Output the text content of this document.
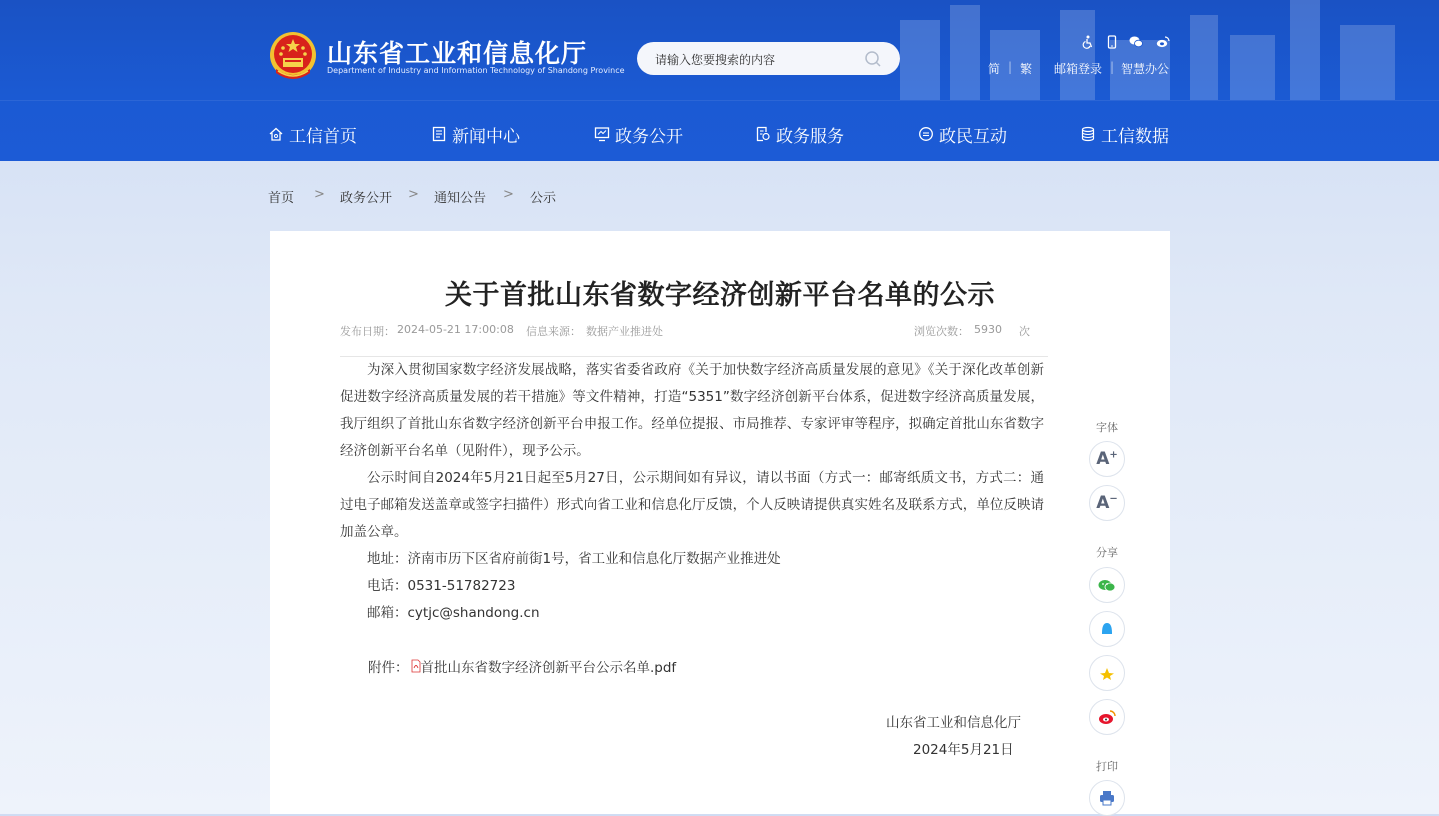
山东省工业和信息化厅
Department of Industry and Information Technology of Shandong Province
请输入您要搜索的内容	简 | 繁 邮箱登录 | 智慧办公
工信首页	新闻中心	政务公开	政务服务	政民互动	工信数据
首页 > 政务公开 > 通知公告 > 公示
关于首批山东省数字经济创新平台名单的公示
发布日期： 2024-05-21 17:00:08 信息来源： 数据产业推进处	浏览次数： 5930 次

为深入贯彻国家数字经济发展战略，落实省委省政府《关于加快数字经济高质量发展的意见》《关于深化改革创新促进数字经济高质量发展的若干措施》等文件精神，打造“5351”数字经济创新平台体系，促进数字经济高质量发展，我厅组织了首批山东省数字经济创新平台申报工作。经单位提报、市局推荐、专家评审等程序，拟确定首批山东省数字经济创新平台名单（见附件），现予公示。

公示时间自2024年5月21日起至5月27日，公示期间如有异议，请以书面（方式一：邮寄纸质文书，方式二：通过电子邮箱发送盖章或签字扫描件）形式向省工业和信息化厅反馈，个人反映请提供真实姓名及联系方式，单位反映请加盖公章。

地址：济南市历下区省府前街1号，省工业和信息化厅数据产业推进处

电话：0531-51782723

邮箱：cytjc@shandong.cn

附件： 首批山东省数字经济创新平台公示名单.pdf
山东省工业和信息化厅
2024年5月21日
字体
A+
A−
分享
打印
